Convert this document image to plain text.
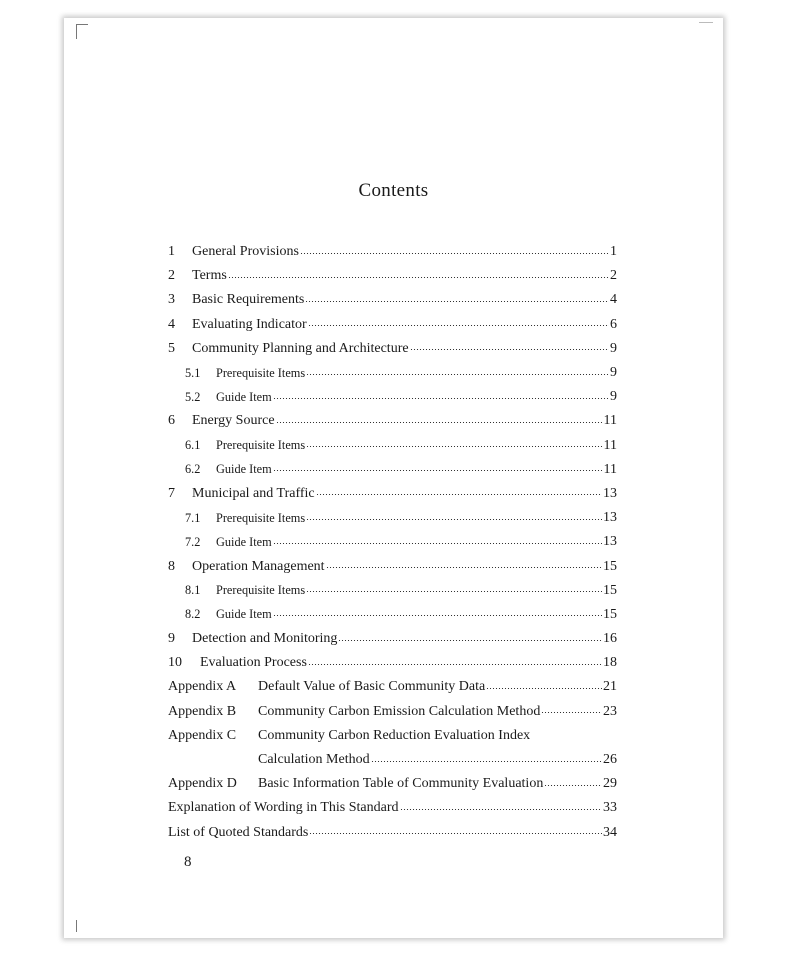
Contents
1	General Provisions	1
2	Terms	2
3	Basic Requirements	4
4	Evaluating Indicator	6
5	Community Planning and Architecture	9
5.1	Prerequisite Items	9
5.2	Guide Item	9
6	Energy Source	11
6.1	Prerequisite Items	11
6.2	Guide Item	11
7	Municipal and Traffic	13
7.1	Prerequisite Items	13
7.2	Guide Item	13
8	Operation Management	15
8.1	Prerequisite Items	15
8.2	Guide Item	15
9	Detection and Monitoring	16
10	Evaluation Process	18
Appendix A	Default Value of Basic Community Data	21
Appendix B	Community Carbon Emission Calculation Method	23
Appendix C	Community Carbon Reduction Evaluation Index
Calculation Method	26
Appendix D	Basic Information Table of Community Evaluation	29
Explanation of Wording in This Standard	33
List of Quoted Standards	34
8
